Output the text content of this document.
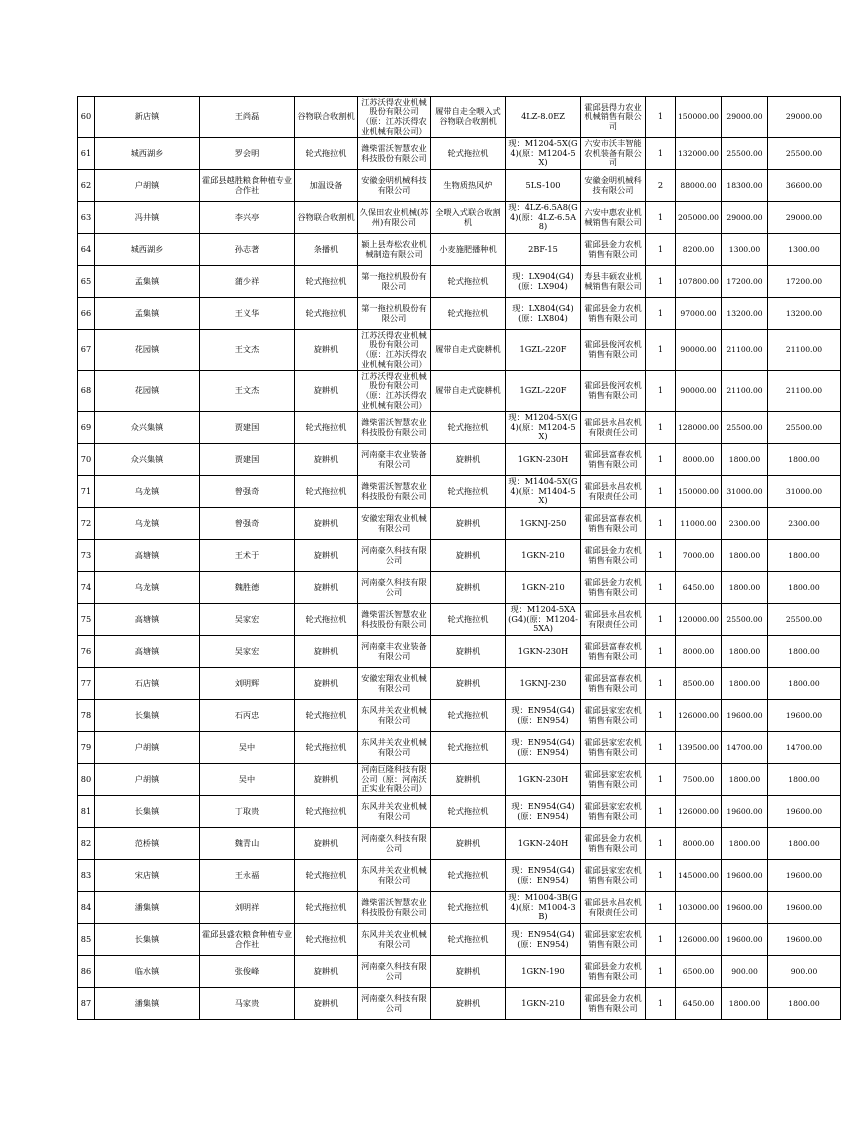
60	新店镇	王尚磊	谷物联合收割机	江苏沃得农业机械股份有限公司（原：江苏沃得农业机械有限公司）	履带自走全喂入式谷物联合收割机	4LZ-8.0EZ	霍邱县得力农业机械销售有限公司	1	150000.00	29000.00	29000.00
61	城西湖乡	罗会明	轮式拖拉机	潍柴雷沃智慧农业科技股份有限公司	轮式拖拉机	现：M1204-5X(G4)(原：M1204-5X)	六安市沃丰智能农机装备有限公司	1	132000.00	25500.00	25500.00
62	户胡镇	霍邱县越胜粮食种植专业合作社	加温设备	安徽金明机械科技有限公司	生物质热风炉	5LS-100	安徽金明机械科技有限公司	2	88000.00	18300.00	36600.00
63	冯井镇	李兴亭	谷物联合收割机	久保田农业机械(苏州)有限公司	全喂入式联合收割机	现：4LZ-6.5A8(G4)(原：4LZ-6.5A8)	六安中惠农业机械销售有限公司	1	205000.00	29000.00	29000.00
64	城西湖乡	孙志著	条播机	颍上县寿松农业机械制造有限公司	小麦施肥播种机	2BF-15	霍邱县金力农机销售有限公司	1	8200.00	1300.00	1300.00
65	孟集镇	蒲少祥	轮式拖拉机	第一拖拉机股份有限公司	轮式拖拉机	现：LX904(G4)(原：LX904)	寿县丰硕农业机械销售有限公司	1	107800.00	17200.00	17200.00
66	孟集镇	王义华	轮式拖拉机	第一拖拉机股份有限公司	轮式拖拉机	现：LX804(G4)(原：LX804)	霍邱县金力农机销售有限公司	1	97000.00	13200.00	13200.00
67	花园镇	王文杰	旋耕机	江苏沃得农业机械股份有限公司（原：江苏沃得农业机械有限公司）	履带自走式旋耕机	1GZL-220F	霍邱县俊河农机销售有限公司	1	90000.00	21100.00	21100.00
68	花园镇	王文杰	旋耕机	江苏沃得农业机械股份有限公司（原：江苏沃得农业机械有限公司）	履带自走式旋耕机	1GZL-220F	霍邱县俊河农机销售有限公司	1	90000.00	21100.00	21100.00
69	众兴集镇	贾建国	轮式拖拉机	潍柴雷沃智慧农业科技股份有限公司	轮式拖拉机	现：M1204-5X(G4)(原：M1204-5X)	霍邱县永昌农机有限责任公司	1	128000.00	25500.00	25500.00
70	众兴集镇	贾建国	旋耕机	河南豪丰农业装备有限公司	旋耕机	1GKN-230H	霍邱县富春农机销售有限公司	1	8000.00	1800.00	1800.00
71	乌龙镇	曾强奇	轮式拖拉机	潍柴雷沃智慧农业科技股份有限公司	轮式拖拉机	现：M1404-5X(G4)(原：M1404-5X)	霍邱县永昌农机有限责任公司	1	150000.00	31000.00	31000.00
72	乌龙镇	曾强奇	旋耕机	安徽宏翔农业机械有限公司	旋耕机	1GKNJ-250	霍邱县富春农机销售有限公司	1	11000.00	2300.00	2300.00
73	高塘镇	王术于	旋耕机	河南豪久科技有限公司	旋耕机	1GKN-210	霍邱县金力农机销售有限公司	1	7000.00	1800.00	1800.00
74	乌龙镇	魏胜德	旋耕机	河南豪久科技有限公司	旋耕机	1GKN-210	霍邱县金力农机销售有限公司	1	6450.00	1800.00	1800.00
75	高塘镇	吴家宏	轮式拖拉机	潍柴雷沃智慧农业科技股份有限公司	轮式拖拉机	现：M1204-5XA(G4)(原：M1204-5XA)	霍邱县永昌农机有限责任公司	1	120000.00	25500.00	25500.00
76	高塘镇	吴家宏	旋耕机	河南豪丰农业装备有限公司	旋耕机	1GKN-230H	霍邱县富春农机销售有限公司	1	8000.00	1800.00	1800.00
77	石店镇	刘明辉	旋耕机	安徽宏翔农业机械有限公司	旋耕机	1GKNJ-230	霍邱县富春农机销售有限公司	1	8500.00	1800.00	1800.00
78	长集镇	石丙忠	轮式拖拉机	东风井关农业机械有限公司	轮式拖拉机	现：EN954(G4)(原：EN954)	霍邱县家宏农机销售有限公司	1	126000.00	19600.00	19600.00
79	户胡镇	吴中	轮式拖拉机	东风井关农业机械有限公司	轮式拖拉机	现：EN954(G4)(原：EN954)	霍邱县家宏农机销售有限公司	1	139500.00	14700.00	14700.00
80	户胡镇	吴中	旋耕机	河南巨隆科技有限公司（原：河南沃正实业有限公司）	旋耕机	1GKN-230H	霍邱县家宏农机销售有限公司	1	7500.00	1800.00	1800.00
81	长集镇	丁取贵	轮式拖拉机	东风井关农业机械有限公司	轮式拖拉机	现：EN954(G4)(原：EN954)	霍邱县家宏农机销售有限公司	1	126000.00	19600.00	19600.00
82	范桥镇	魏青山	旋耕机	河南豪久科技有限公司	旋耕机	1GKN-240H	霍邱县金力农机销售有限公司	1	8000.00	1800.00	1800.00
83	宋店镇	王永福	轮式拖拉机	东风井关农业机械有限公司	轮式拖拉机	现：EN954(G4)(原：EN954)	霍邱县家宏农机销售有限公司	1	145000.00	19600.00	19600.00
84	潘集镇	刘明祥	轮式拖拉机	潍柴雷沃智慧农业科技股份有限公司	轮式拖拉机	现：M1004-3B(G4)(原：M1004-3B)	霍邱县永昌农机有限责任公司	1	103000.00	19600.00	19600.00
85	长集镇	霍邱县盛农粮食种植专业合作社	轮式拖拉机	东风井关农业机械有限公司	轮式拖拉机	现：EN954(G4)(原：EN954)	霍邱县家宏农机销售有限公司	1	126000.00	19600.00	19600.00
86	临水镇	张俊峰	旋耕机	河南豪久科技有限公司	旋耕机	1GKN-190	霍邱县金力农机销售有限公司	1	6500.00	900.00	900.00
87	潘集镇	马家贵	旋耕机	河南豪久科技有限公司	旋耕机	1GKN-210	霍邱县金力农机销售有限公司	1	6450.00	1800.00	1800.00
